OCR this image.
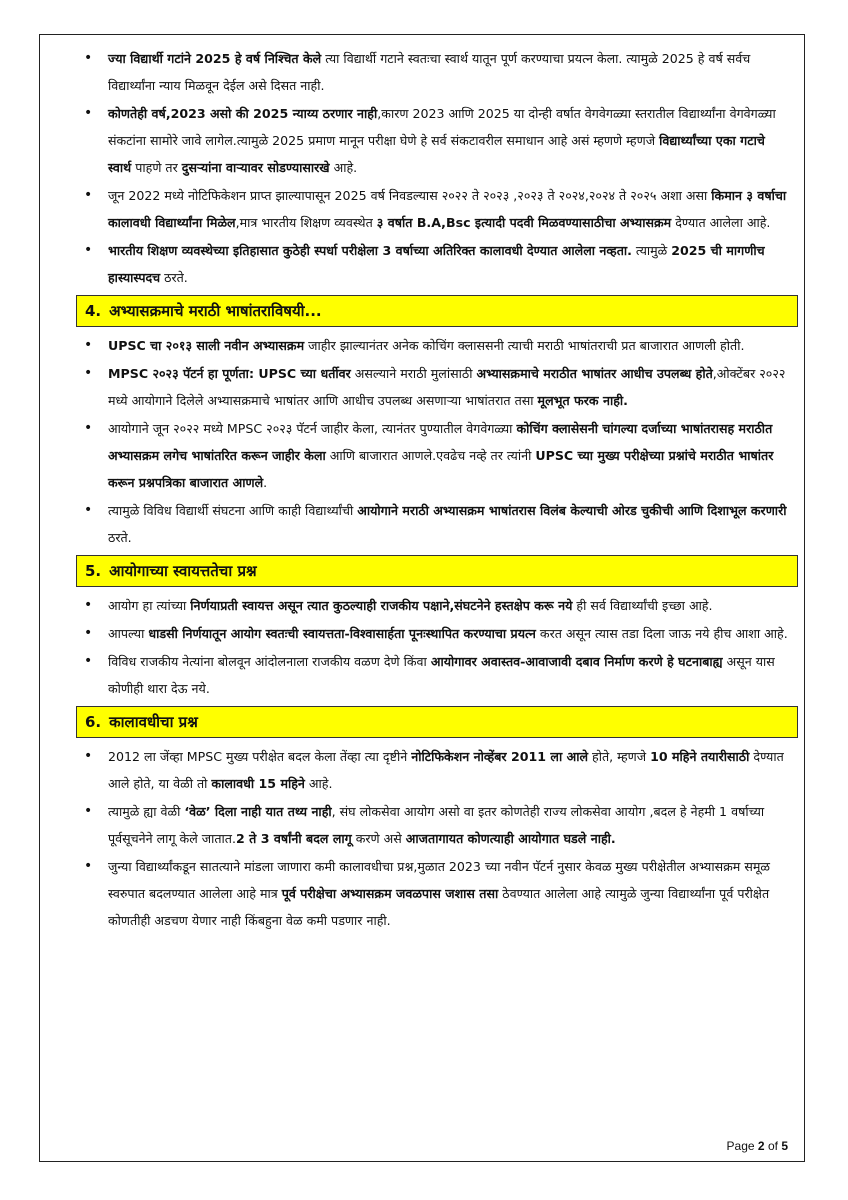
• ज्या विद्यार्थी गटांने 2025 हे वर्ष निश्चित केले त्या विद्यार्थी गटाने स्वतःचा स्वार्थ यातून पूर्ण करण्याचा प्रयत्न केला. त्यामुळे 2025 हे वर्ष सर्वच विद्यार्थ्यांना न्याय मिळवून देईल असे दिसत नाही.
• कोणतेही वर्ष,2023 असो की 2025 न्याय्य ठरणार नाही,कारण 2023 आणि 2025 या दोन्ही वर्षात वेगवेगळ्या स्तरातील विद्यार्थ्यांना वेगवेगळ्या संकटांना सामोरे जावे लागेल.त्यामुळे 2025 प्रमाण मानून परीक्षा घेणे हे सर्व संकटावरील समाधान आहे असं म्हणणे म्हणजे विद्यार्थ्यांच्या एका गटाचे स्वार्थ पाहणे तर दुसऱ्यांना वाऱ्यावर सोडण्यासारखे आहे.
• जून 2022 मध्ये नोटिफिकेशन प्राप्त झाल्यापासून 2025 वर्ष निवडल्यास २०२२ ते २०२३ ,२०२३ ते २०२४,२०२४ ते २०२५ अशा असा किमान ३ वर्षाचा कालावधी विद्यार्थ्यांना मिळेल,मात्र भारतीय शिक्षण व्यवस्थेत ३ वर्षात B.A,Bsc इत्यादी पदवी मिळवण्यासाठीचा अभ्यासक्रम देण्यात आलेला आहे.
• भारतीय शिक्षण व्यवस्थेच्या इतिहासात कुठेही स्पर्धा परीक्षेला 3 वर्षाच्या अतिरिक्त कालावधी देण्यात आलेला नव्हता. त्यामुळे 2025 ची मागणीच हास्यास्पदच ठरते.
4. अभ्यासक्रमाचे मराठी भाषांतराविषयी...
• UPSC चा २०१३ साली नवीन अभ्यासक्रम जाहीर झाल्यानंतर अनेक कोचिंग क्लाससनी त्याची मराठी भाषांतराची प्रत बाजारात आणली होती.
• MPSC २०२३ पॅटर्न हा पूर्णता: UPSC च्या धर्तीवर असल्याने मराठी मुलांसाठी अभ्यासक्रमाचे मराठीत भाषांतर आधीच उपलब्ध होते,ओक्टेंबर २०२२ मध्ये आयोगाने दिलेले अभ्यासक्रमाचे भाषांतर आणि आधीच उपलब्ध असणाऱ्या भाषांतरात तसा मूलभूत फरक नाही.
• आयोगाने जून २०२२ मध्ये MPSC २०२३ पॅटर्न जाहीर केला, त्यानंतर पुण्यातील वेगवेगळ्या कोचिंग क्लासेसनी चांगल्या दर्जाच्या भाषांतरासह मराठीत अभ्यासक्रम लगेच भाषांतरित करून जाहीर केला आणि बाजारात आणले.एवढेच नव्हे तर त्यांनी UPSC च्या मुख्य परीक्षेच्या प्रश्नांचे मराठीत भाषांतर करून प्रश्नपत्रिका बाजारात आणले.
• त्यामुळे विविध विद्यार्थी संघटना आणि काही विद्यार्थ्यांची आयोगाने मराठी अभ्यासक्रम भाषांतरास विलंब केल्याची ओरड चुकीची आणि दिशाभूल करणारी ठरते.
5. आयोगाच्या स्वायत्ततेचा प्रश्न
• आयोग हा त्यांच्या निर्णयाप्रती स्वायत्त असून त्यात कुठल्याही राजकीय पक्षाने,संघटनेने हस्तक्षेप करू नये ही सर्व विद्यार्थ्यांची इच्छा आहे.
• आपल्या धाडसी निर्णयातून आयोग स्वतःची स्वायत्तता-विश्वासार्हता पूनःस्थापित करण्याचा प्रयत्न करत असून त्यास तडा दिला जाऊ नये हीच आशा आहे.
• विविध राजकीय नेत्यांना बोलवून आंदोलनाला राजकीय वळण देणे किंवा आयोगावर अवास्तव-आवाजावी दबाव निर्माण करणे हे घटनाबाह्य असून यास कोणीही थारा देऊ नये.
6. कालावधीचा प्रश्न
• 2012 ला जेंव्हा MPSC मुख्य परीक्षेत बदल केला तेंव्हा त्या दृष्टीने नोटिफिकेशन नोव्हेंबर 2011 ला आले होते, म्हणजे 10 महिने तयारीसाठी देण्यात आले होते, या वेळी तो कालावधी 15 महिने आहे.
• त्यामुळे ह्या वेळी ‘वेळ’ दिला नाही यात तथ्य नाही, संघ लोकसेवा आयोग असो वा इतर कोणतेही राज्य लोकसेवा आयोग ,बदल हे नेहमी 1 वर्षाच्या पूर्वसूचनेने लागू केले जातात.2 ते 3 वर्षांनी बदल लागू करणे असे आजतागायत कोणत्याही आयोगात घडले नाही.
• जुन्या विद्यार्थ्यांकडून सातत्याने मांडला जाणारा कमी कालावधीचा प्रश्न,मुळात 2023 च्या नवीन पॅटर्न नुसार केवळ मुख्य परीक्षेतील अभ्यासक्रम समूळ स्वरुपात बदलण्यात आलेला आहे मात्र पूर्व परीक्षेचा अभ्यासक्रम जवळपास जशास तसा ठेवण्यात आलेला आहे त्यामुळे जुन्या विद्यार्थ्यांना पूर्व परीक्षेत कोणतीही अडचण येणार नाही किंबहुना वेळ कमी पडणार नाही.
Page 2 of 5
